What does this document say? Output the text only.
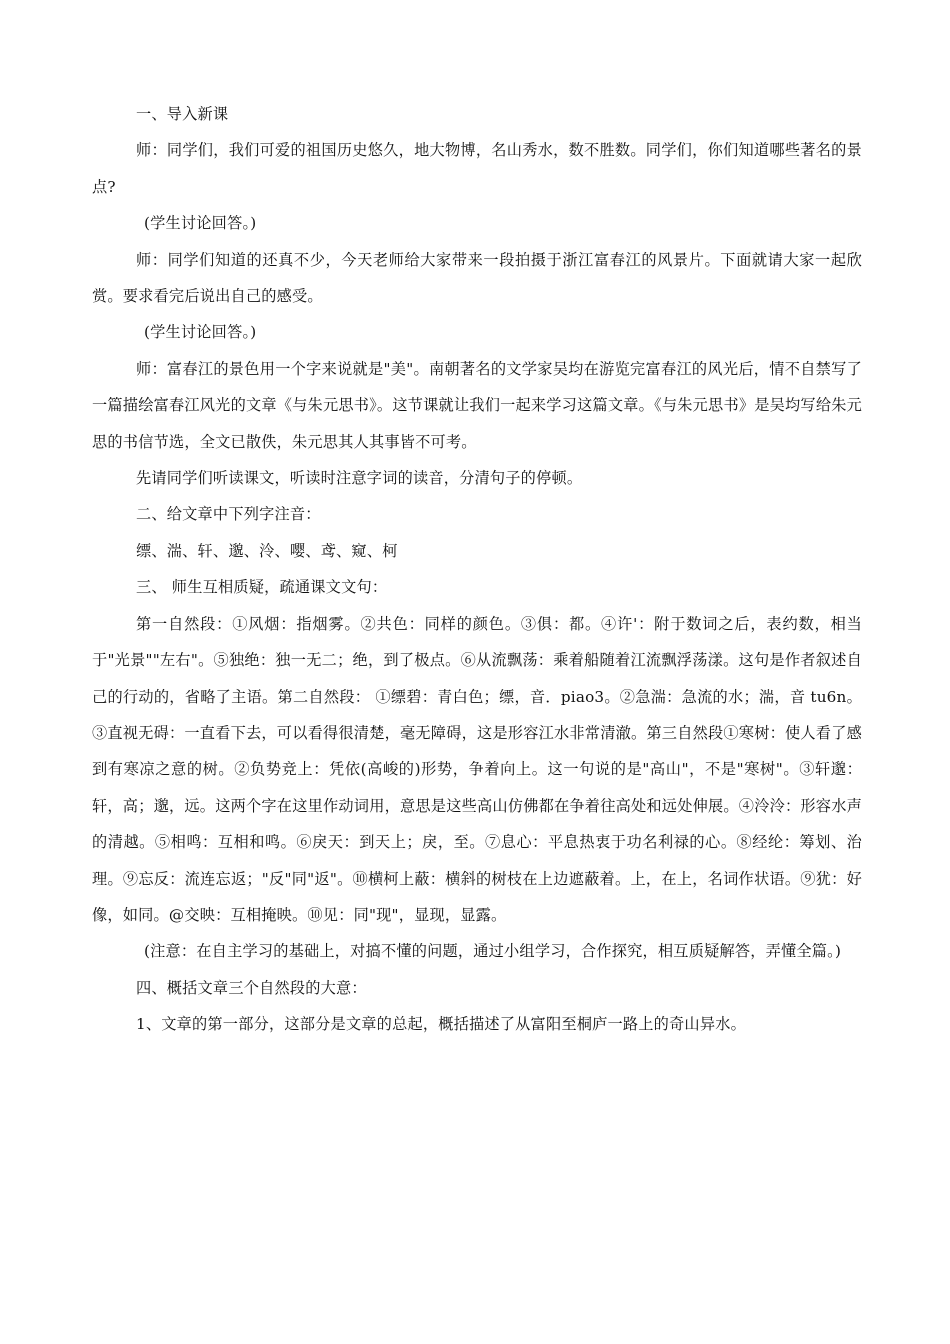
一、导入新课

师：同学们，我们可爱的祖国历史悠久，地大物博，名山秀水，数不胜数。同学们，你们知道哪些著名的景点?

(学生讨论回答。)

师：同学们知道的还真不少，今天老师给大家带来一段拍摄于浙江富春江的风景片。下面就请大家一起欣赏。要求看完后说出自己的感受。

(学生讨论回答。)

师：富春江的景色用一个字来说就是"美"。南朝著名的文学家吴均在游览完富春江的风光后，情不自禁写了一篇描绘富春江风光的文章《与朱元思书》。这节课就让我们一起来学习这篇文章。《与朱元思书》是吴均写给朱元思的书信节选，全文已散佚，朱元思其人其事皆不可考。

先请同学们听读课文，听读时注意字词的读音，分清句子的停顿。

二、给文章中下列字注音：

缥、湍、轩、邈、泠、嘤、鸢、窥、柯

三、 师生互相质疑，疏通课文文句：

第一自然段：①风烟：指烟雾。②共色：同样的颜色。③俱：都。④许'：附于数词之后，表约数，相当于"光景""左右"。⑤独绝：独一无二；绝，到了极点。⑥从流飘荡：乘着船随着江流飘浮荡漾。这句是作者叙述自己的行动的，省略了主语。第二自然段： ①缥碧：青白色；缥，音．piao3。②急湍：急流的水；湍，音 tu6n。③直视无碍：一直看下去，可以看得很清楚，毫无障碍，这是形容江水非常清澈。第三自然段①寒树：使人看了感到有寒凉之意的树。②负势竞上：凭依(高峻的)形势，争着向上。这一句说的是"高山"，不是"寒树"。③轩邈：轩，高；邈，远。这两个字在这里作动词用，意思是这些高山仿佛都在争着往高处和远处伸展。④泠泠：形容水声的清越。⑤相鸣：互相和鸣。⑥戾天：到天上；戾，至。⑦息心：平息热衷于功名利禄的心。⑧经纶：筹划、治理。⑨忘反：流连忘返；"反"同"返"。⑩横柯上蔽：横斜的树枝在上边遮蔽着。上，在上，名词作状语。⑨犹：好像，如同。@交映：互相掩映。⑩见：同"现"，显现，显露。

(注意：在自主学习的基础上，对搞不懂的问题，通过小组学习，合作探究，相互质疑解答，弄懂全篇。)

四、概括文章三个自然段的大意：

1、文章的第一部分，这部分是文章的总起，概括描述了从富阳至桐庐一路上的奇山异水。
